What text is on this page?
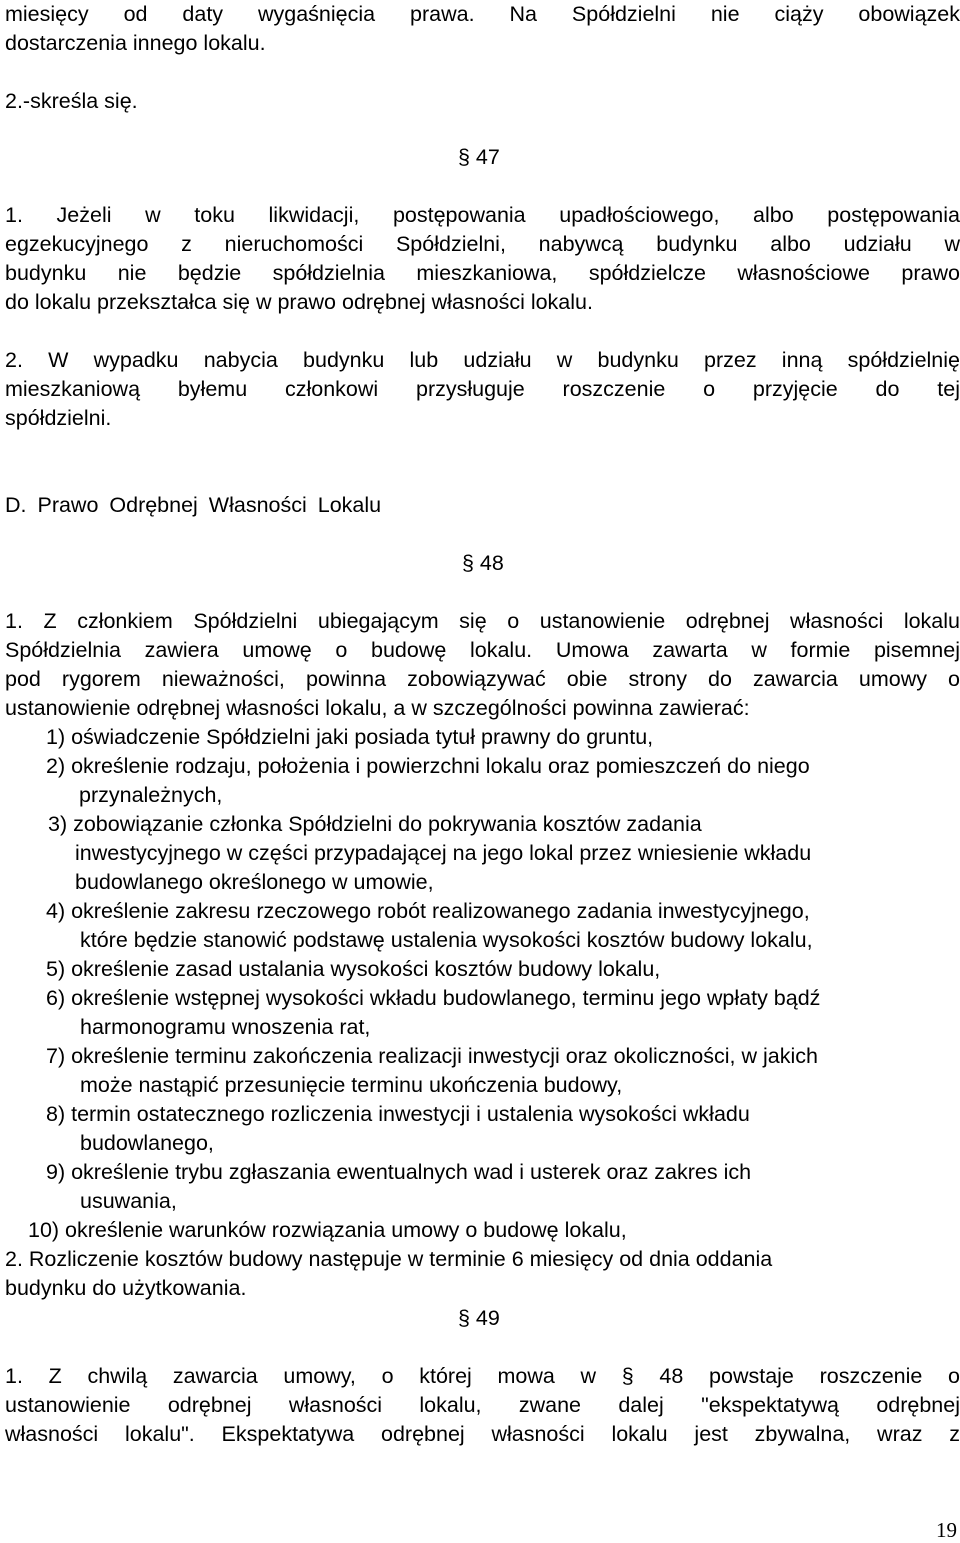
miesięcy od daty wygaśnięcia prawa. Na Spółdzielni nie ciąży obowiązek
dostarczenia innego lokalu.
2.-skreśla się.
§ 47
1. Jeżeli w toku likwidacji, postępowania upadłościowego, albo postępowania
egzekucyjnego z nieruchomości Spółdzielni, nabywcą budynku albo udziału w
budynku nie będzie spółdzielnia mieszkaniowa, spółdzielcze własnościowe prawo
do lokalu przekształca się w prawo odrębnej własności lokalu.
2. W wypadku nabycia budynku lub udziału w budynku przez inną spółdzielnię
mieszkaniową byłemu członkowi przysługuje roszczenie o przyjęcie do tej
spółdzielni.
D. Prawo Odrębnej Własności Lokalu
§ 48
1. Z członkiem Spółdzielni ubiegającym się o ustanowienie odrębnej własności lokalu
Spółdzielnia zawiera umowę o budowę lokalu. Umowa zawarta w formie pisemnej
pod rygorem nieważności, powinna zobowiązywać obie strony do zawarcia umowy o
ustanowienie odrębnej własności lokalu, a w szczególności powinna zawierać:
1) oświadczenie Spółdzielni jaki posiada tytuł prawny do gruntu,
2) określenie rodzaju, położenia i powierzchni lokalu oraz pomieszczeń do niego
przynależnych,
3) zobowiązanie członka Spółdzielni do pokrywania kosztów zadania
inwestycyjnego w części przypadającej na jego lokal przez wniesienie wkładu
budowlanego określonego w umowie,
4) określenie zakresu rzeczowego robót realizowanego zadania inwestycyjnego,
które będzie stanowić podstawę ustalenia wysokości kosztów budowy lokalu,
5) określenie zasad ustalania wysokości kosztów budowy lokalu,
6) określenie wstępnej wysokości wkładu budowlanego, terminu jego wpłaty bądź
harmonogramu wnoszenia rat,
7) określenie terminu zakończenia realizacji inwestycji oraz okoliczności, w jakich
może nastąpić przesunięcie terminu ukończenia budowy,
8) termin ostatecznego rozliczenia inwestycji i ustalenia wysokości wkładu
budowlanego,
9) określenie trybu zgłaszania ewentualnych wad i usterek oraz zakres ich
usuwania,
10) określenie warunków rozwiązania umowy o budowę lokalu,
2. Rozliczenie kosztów budowy następuje w terminie 6 miesięcy od dnia oddania
budynku do użytkowania.
§ 49
1. Z chwilą zawarcia umowy, o której mowa w § 48 powstaje roszczenie o
ustanowienie odrębnej własności lokalu, zwane dalej "ekspektatywą odrębnej
własności lokalu". Ekspektatywa odrębnej własności lokalu jest zbywalna, wraz z
19
